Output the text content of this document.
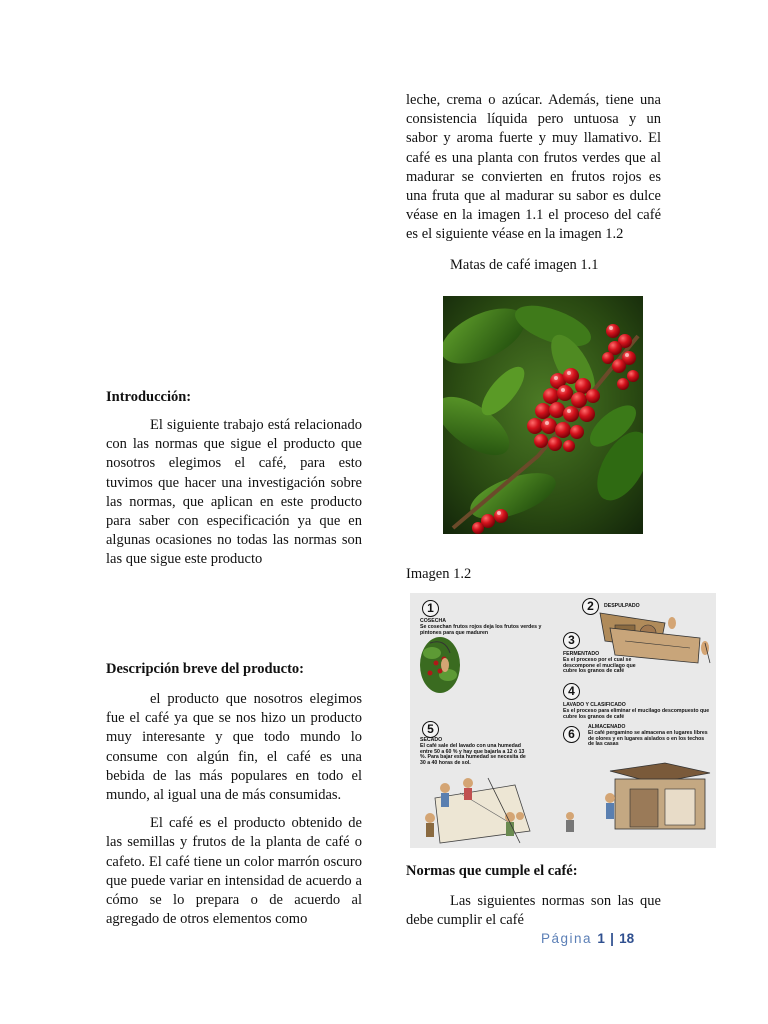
leche, crema o azúcar. Además, tiene una consistencia líquida pero untuosa y un sabor y aroma fuerte y muy llamativo. El café es una planta con frutos verdes que al madurar se convierten en frutos rojos es una fruta que al madurar su sabor es dulce véase en la imagen 1.1 el proceso del café es el siguiente véase en la imagen 1.2

Matas de café imagen 1.1
Introducción:

El siguiente trabajo está relacionado con las normas que sigue el producto que nosotros elegimos el café, para esto tuvimos que hacer una investigación sobre las normas, que aplican en este producto para saber con especificación ya que en algunas ocasiones no todas las normas son las que sigue este producto

Imagen 1.2
1
COSECHA
Se cosechan frutos rojos deja los frutos verdes y pintones para que maduren
2	DESPULPADO
3
FERMENTADO
Es el proceso por el cual se descompone el mucilago que cubre los granos de café
4
LAVADO Y CLASIFICADO
Es el proceso para eliminar el mucilago descompuesto que cubre los granos de café
5
SECADO
El café sale del lavado con una humedad entre 50 a 60 % y hay que bajarla a 12 ó 13 %. Para bajar esta humedad se necesita de 30 a 40 horas de sol.
6	ALMACENADO
El café pergamino se almacena en lugares libres de olores y en lugares aislados o en los techos de las casas
Descripción breve del producto:

el producto que nosotros elegimos fue el café ya que se nos hizo un producto muy interesante y que todo mundo lo consume con algún fin, el café es una bebida de las más populares en todo el mundo, al igual una de más consumidas.

El café es el producto obtenido de las semillas y frutos de la planta de café o cafeto. El café tiene un color marrón oscuro que puede variar en intensidad de acuerdo a cómo se lo prepara o de acuerdo al agregado de otros elementos como

Normas que cumple el café:

Las siguientes normas son las que debe cumplir el café

Página 1 | 18
